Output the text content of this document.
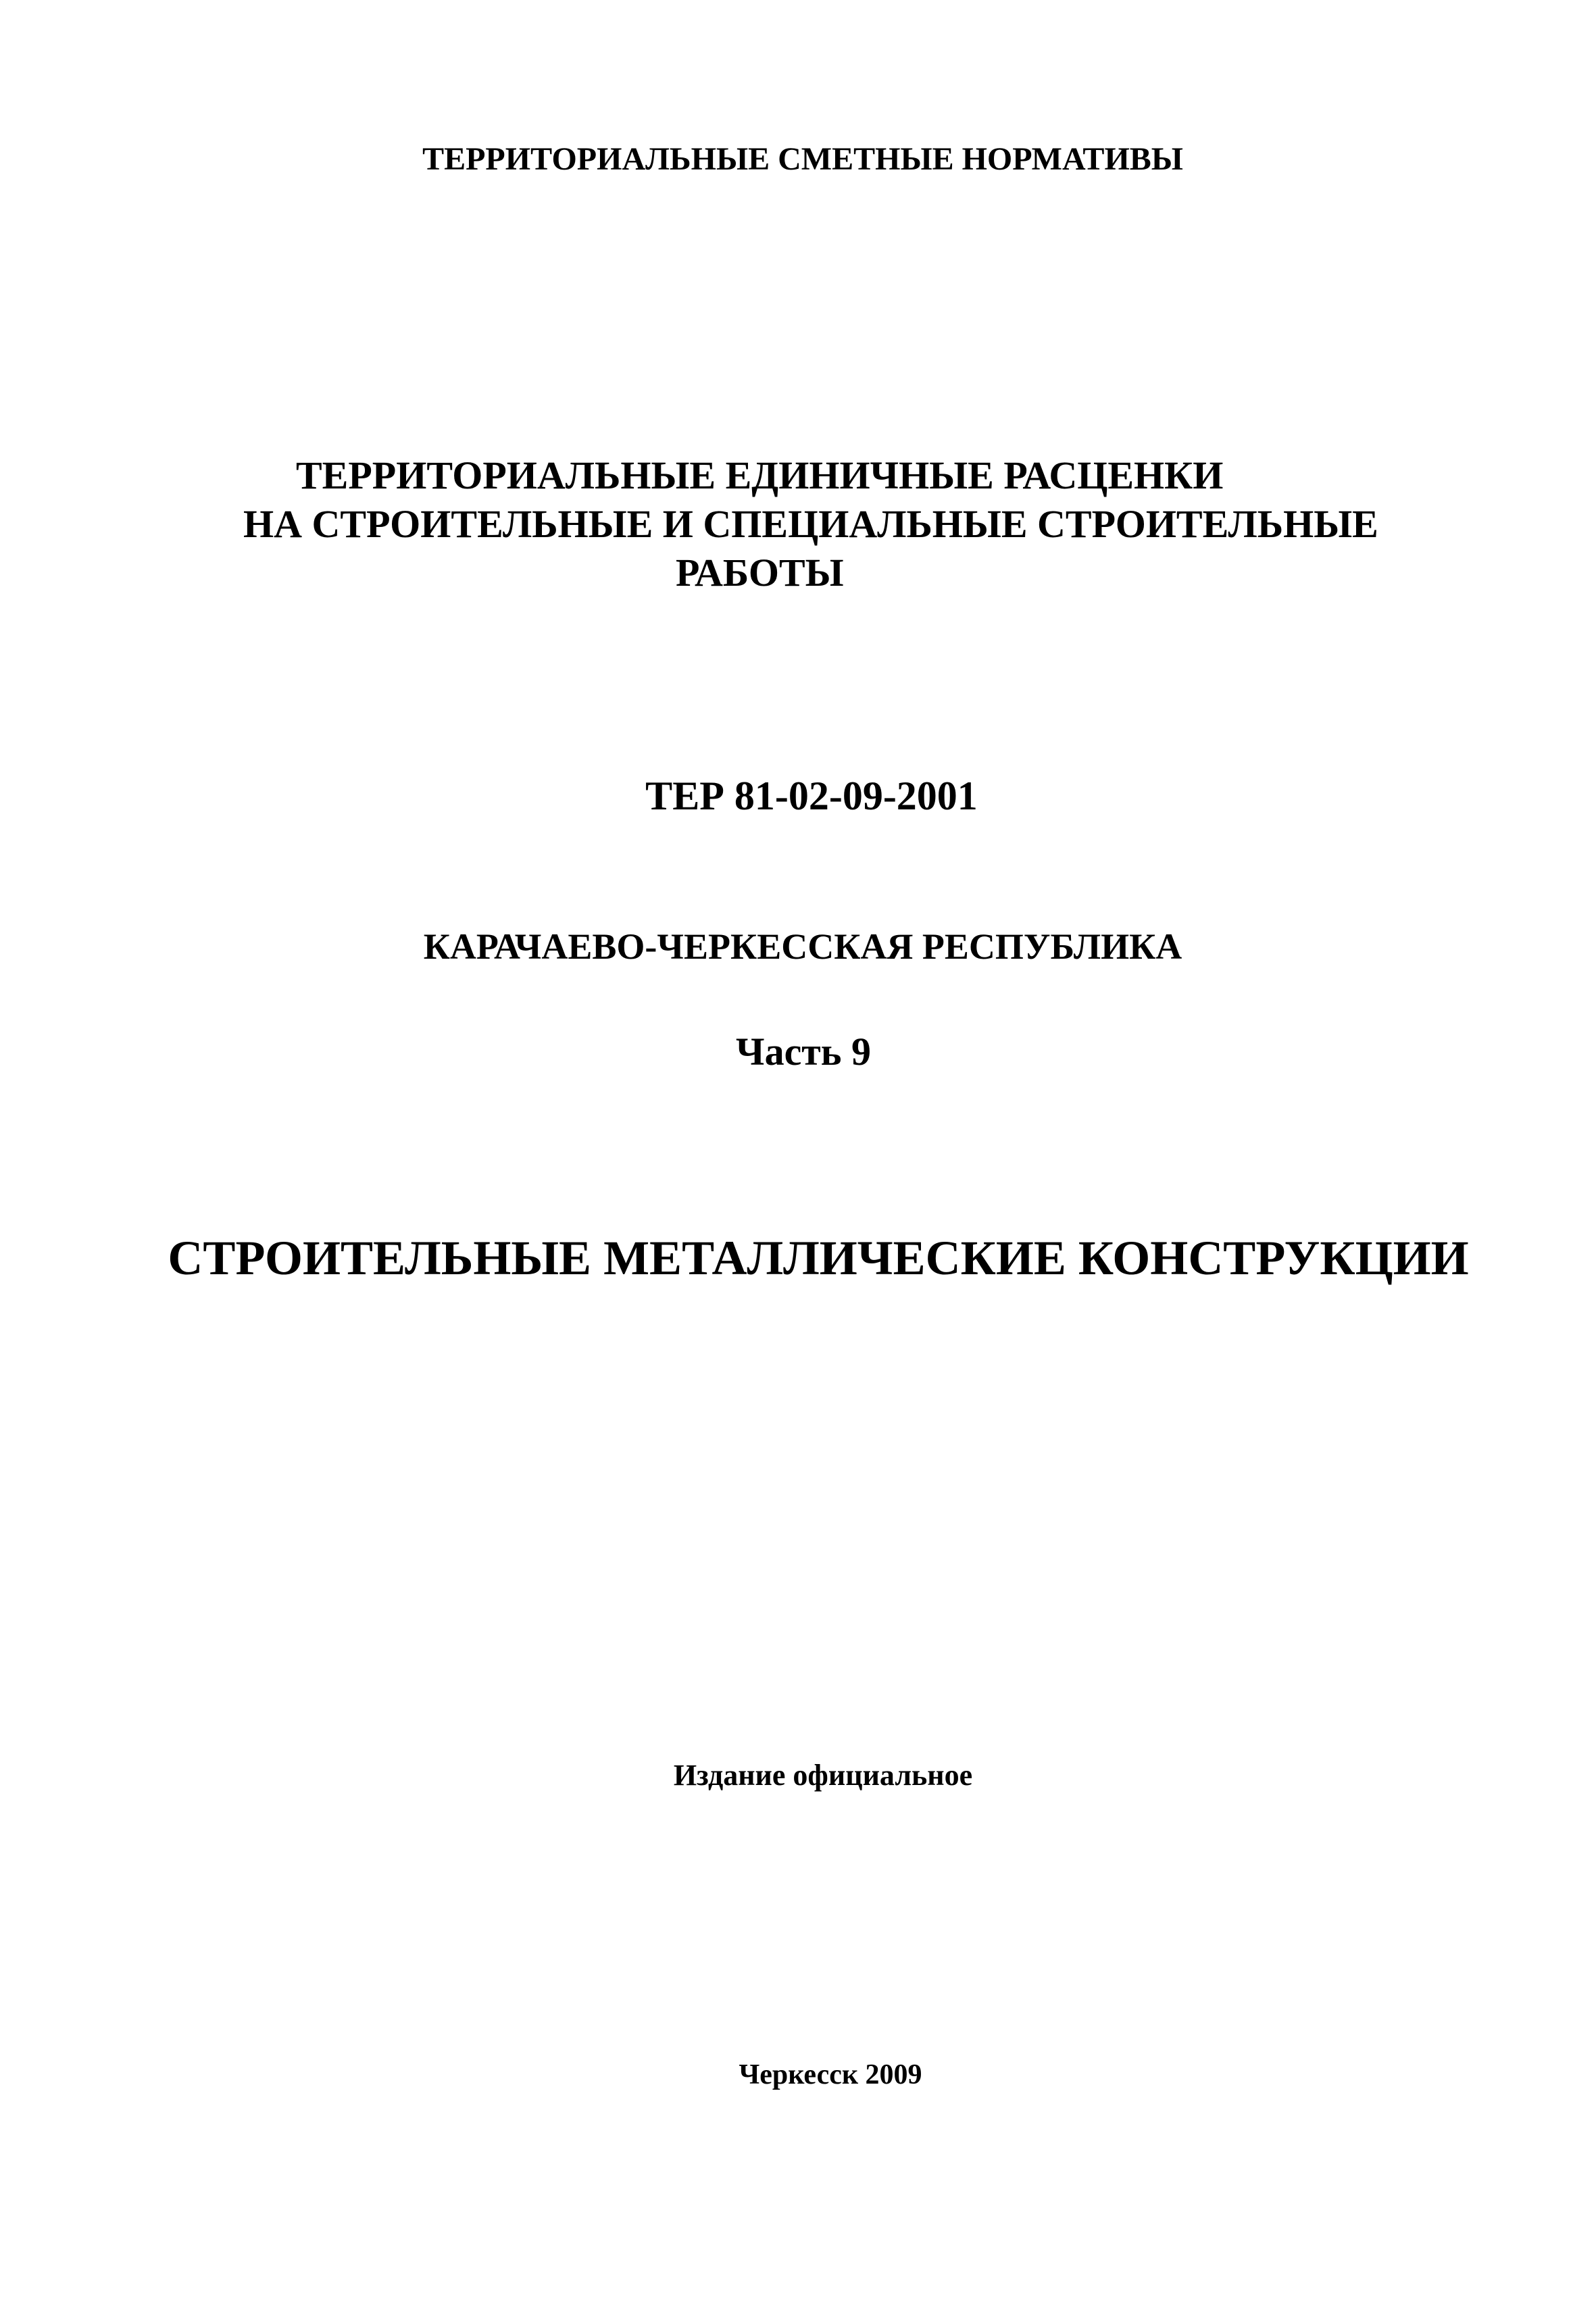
ТЕРРИТОРИАЛЬНЫЕ СМЕТНЫЕ НОРМАТИВЫ

ТЕРРИТОРИАЛЬНЫЕ ЕДИНИЧНЫЕ РАСЦЕНКИ
НА СТРОИТЕЛЬНЫЕ И СПЕЦИАЛЬНЫЕ СТРОИТЕЛЬНЫЕ
РАБОТЫ

ТЕР 81-02-09-2001

КАРАЧАЕВО-ЧЕРКЕССКАЯ РЕСПУБЛИКА

Часть 9

СТРОИТЕЛЬНЫЕ МЕТАЛЛИЧЕСКИЕ КОНСТРУКЦИИ

Издание официальное

Черкесск 2009
